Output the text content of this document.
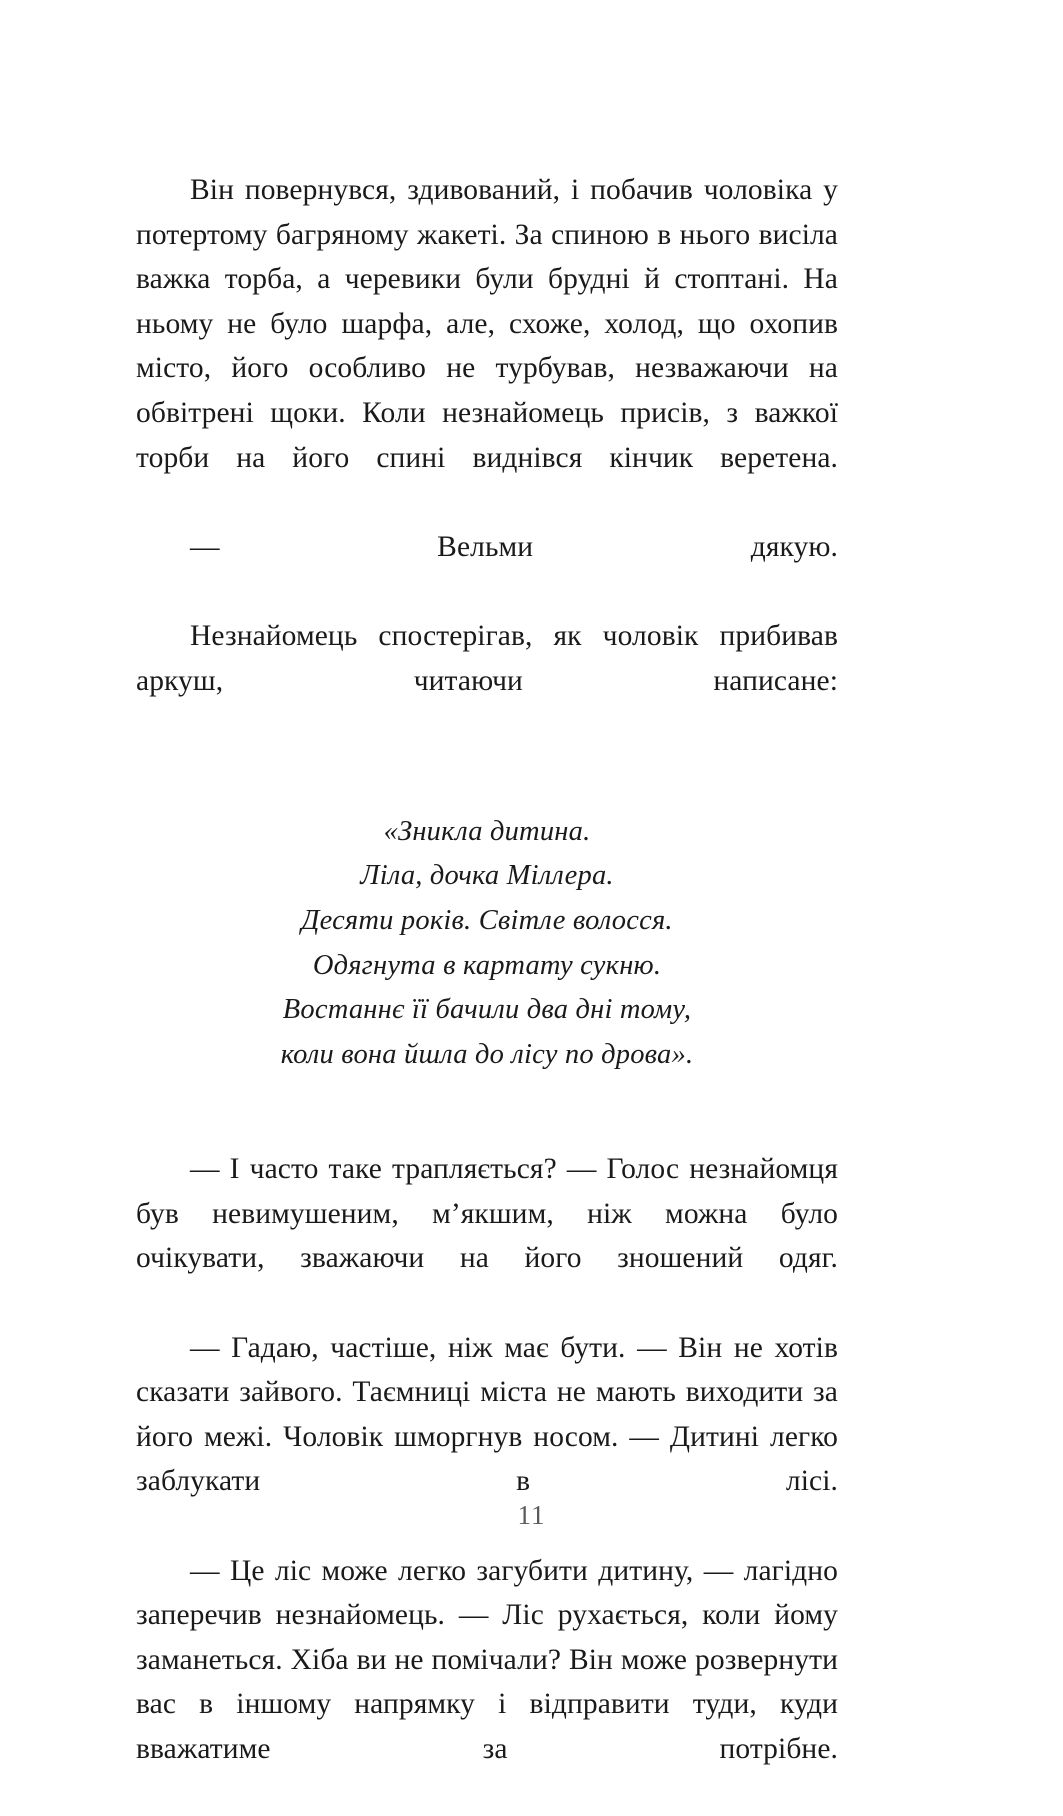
Він повернувся, здивований, і побачив чоловіка у потертому багряному жакеті. За спиною в нього висіла важка торба, а черевики були брудні й стоптані. На ньому не було шарфа, але, схоже, холод, що охопив місто, його особливо не турбував, незважаючи на обвітрені щоки. Коли незнайомець присів, з важкої торби на його спині виднівся кінчик веретена.

— Вельми дякую.

Незнайомець спостерігав, як чоловік прибивав аркуш, читаючи написане:

«Зникла дитина.
Ліла, дочка Міллера.
Десяти років. Світле волосся.
Одягнута в картату сукню.
Востаннє її бачили два дні тому,
коли вона йшла до лісу по дрова».

— І часто таке трапляється? — Голос незнайомця був невимушеним, м’якшим, ніж можна було очікувати, зважаючи на його зношений одяг.

— Гадаю, частіше, ніж має бути. — Він не хотів сказати зайвого. Таємниці міста не мають виходити за його межі. Чоловік шморгнув носом. — Дитині легко заблукати в лісі.

— Це ліс може легко загубити дитину, — лагідно заперечив незнайомець. — Ліс рухається, коли йому заманеться. Хіба ви не помічали? Він може розвернути вас в іншому напрямку і відправити туди, куди вважатиме за потрібне.

11
